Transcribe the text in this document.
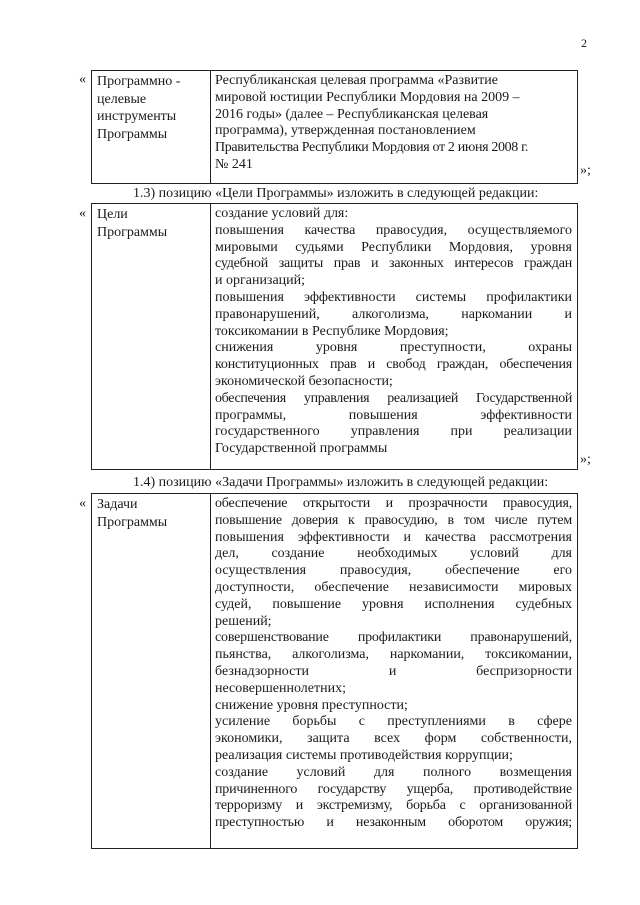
2
« Программно -
целевые
инструменты
Программы
Республиканская целевая программа «Развитие
мировой юстиции Республики Мордовия на 2009 –
2016 годы» (далее – Республиканская целевая
программа), утвержденная постановлением
Правительства Республики Мордовия от 2 июня 2008 г.
№ 241	»;
1.3) позицию «Цели Программы» изложить в следующей редакции:
« Цели
Программы
создание условий для:
повышения качества правосудия, осуществляемого
мировыми судьями Республики Мордовия, уровня
судебной защиты прав и законных интересов граждан
и организаций;
повышения эффективности системы профилактики
правонарушений, алкоголизма, наркомании и
токсикомании в Республике Мордовия;
снижения уровня преступности, охраны
конституционных прав и свобод граждан, обеспечения
экономической безопасности;
обеспечения управления реализацией Государственной
программы, повышения эффективности
государственного управления при реализации
Государственной программы
»;
1.4) позицию «Задачи Программы» изложить в следующей редакции:
« Задачи
Программы
обеспечение открытости и прозрачности правосудия,
повышение доверия к правосудию, в том числе путем
повышения эффективности и качества рассмотрения
дел, создание необходимых условий для
осуществления правосудия, обеспечение его
доступности, обеспечение независимости мировых
судей, повышение уровня исполнения судебных
решений;
совершенствование профилактики правонарушений,
пьянства, алкоголизма, наркомании, токсикомании,
безнадзорности и беспризорности
несовершеннолетних;
снижение уровня преступности;
усиление борьбы с преступлениями в сфере
экономики, защита всех форм собственности,
реализация системы противодействия коррупции;
создание условий для полного возмещения
причиненного государству ущерба, противодействие
терроризму и экстремизму, борьба с организованной
преступностью и незаконным оборотом оружия;
